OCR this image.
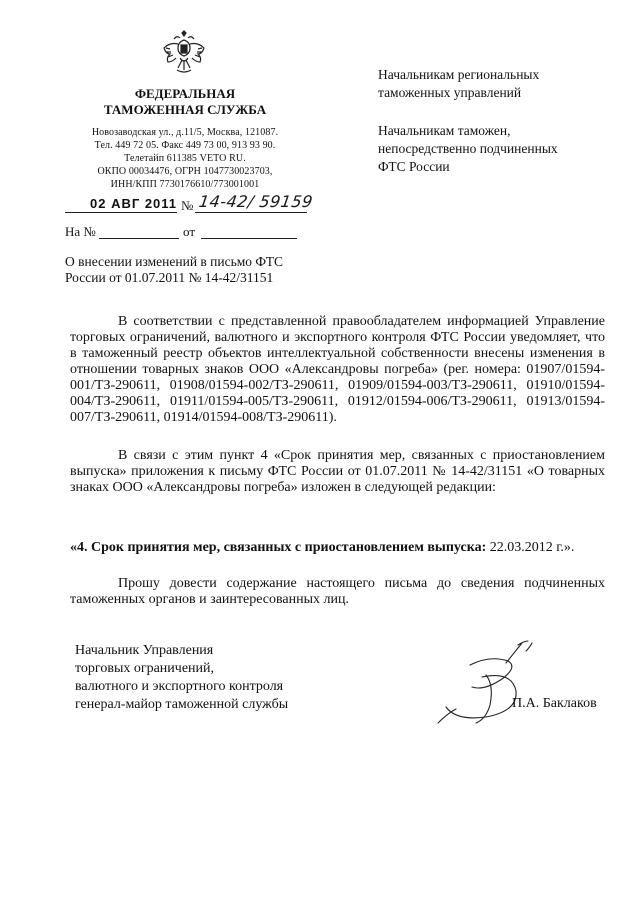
ФЕДЕРАЛЬНАЯ
ТАМОЖЕННАЯ СЛУЖБА
Новозаводская ул., д.11/5, Москва, 121087.
Тел. 449 72 05. Факс 449 73 00, 913 93 90.
Телетайп 611385 VETO RU.
ОКПО 00034476, ОГРН 1047730023703,
ИНН/КПП 7730176610/773001001
Начальникам региональных
таможенных управлений
Начальникам таможен,
непосредственно подчиненных
ФТС России
02 АВГ 2011 № 14-42/ 59159
На №	от
О внесении изменений в письмо ФТС
России от 01.07.2011 № 14-42/31151
В соответствии с представленной правообладателем информацией Управление торговых ограничений, валютного и экспортного контроля ФТС России уведомляет, что в таможенный реестр объектов интеллектуальной собственности внесены изменения в отношении товарных знаков ООО «Александровы погреба» (рег. номера: 01907/01594-001/ТЗ-290611, 01908/01594-002/ТЗ-290611, 01909/01594-003/ТЗ-290611, 01910/01594-004/ТЗ-290611, 01911/01594-005/ТЗ-290611, 01912/01594-006/ТЗ-290611, 01913/01594-007/ТЗ-290611, 01914/01594-008/ТЗ-290611).
В связи с этим пункт 4 «Срок принятия мер, связанных с приостановлением выпуска» приложения к письму ФТС России от 01.07.2011 № 14-42/31151 «О товарных знаках ООО «Александровы погреба» изложен в следующей редакции:
«4. Срок принятия мер, связанных с приостановлением выпуска: 22.03.2012 г.».
Прошу довести содержание настоящего письма до сведения подчиненных таможенных органов и заинтересованных лиц.
Начальник Управления
торговых ограничений,
валютного и экспортного контроля
генерал-майор таможенной службы	П.А. Баклаков
